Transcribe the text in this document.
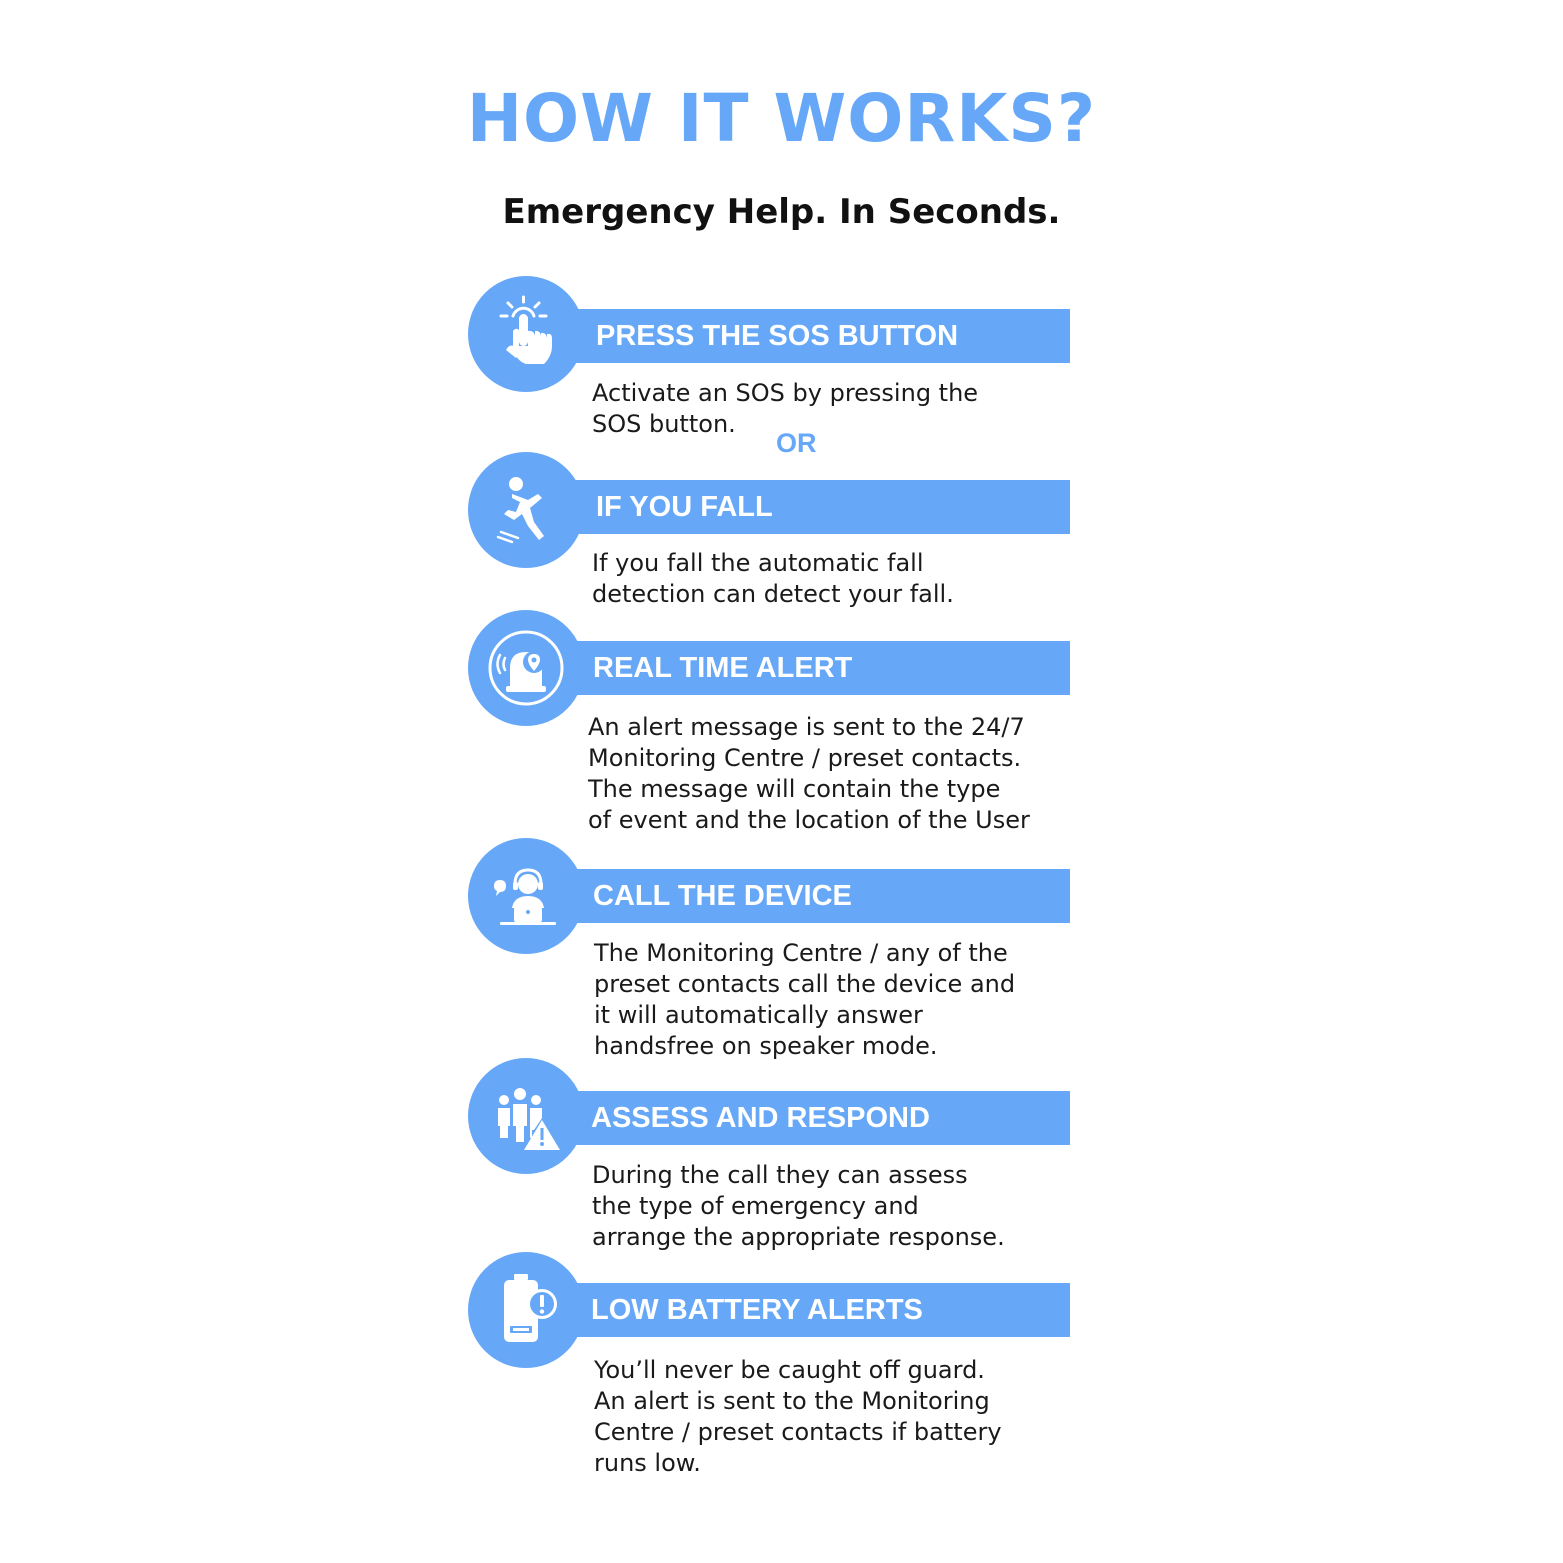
HOW IT WORKS?
Emergency Help. In Seconds.
PRESS THE SOS BUTTON
Activate an SOS by pressing the
SOS button.
OR
IF YOU FALL
If you fall the automatic fall
detection can detect your fall.
REAL TIME ALERT
An alert message is sent to the 24/7
Monitoring Centre / preset contacts.
The message will contain the type
of event and the location of the User
CALL THE DEVICE
The Monitoring Centre / any of the
preset contacts call the device and
it will automatically answer
handsfree on speaker mode.
ASSESS AND RESPOND
During the call they can assess
the type of emergency and
arrange the appropriate response.
LOW BATTERY ALERTS
You’ll never be caught off guard.
An alert is sent to the Monitoring
Centre / preset contacts if battery
runs low.
